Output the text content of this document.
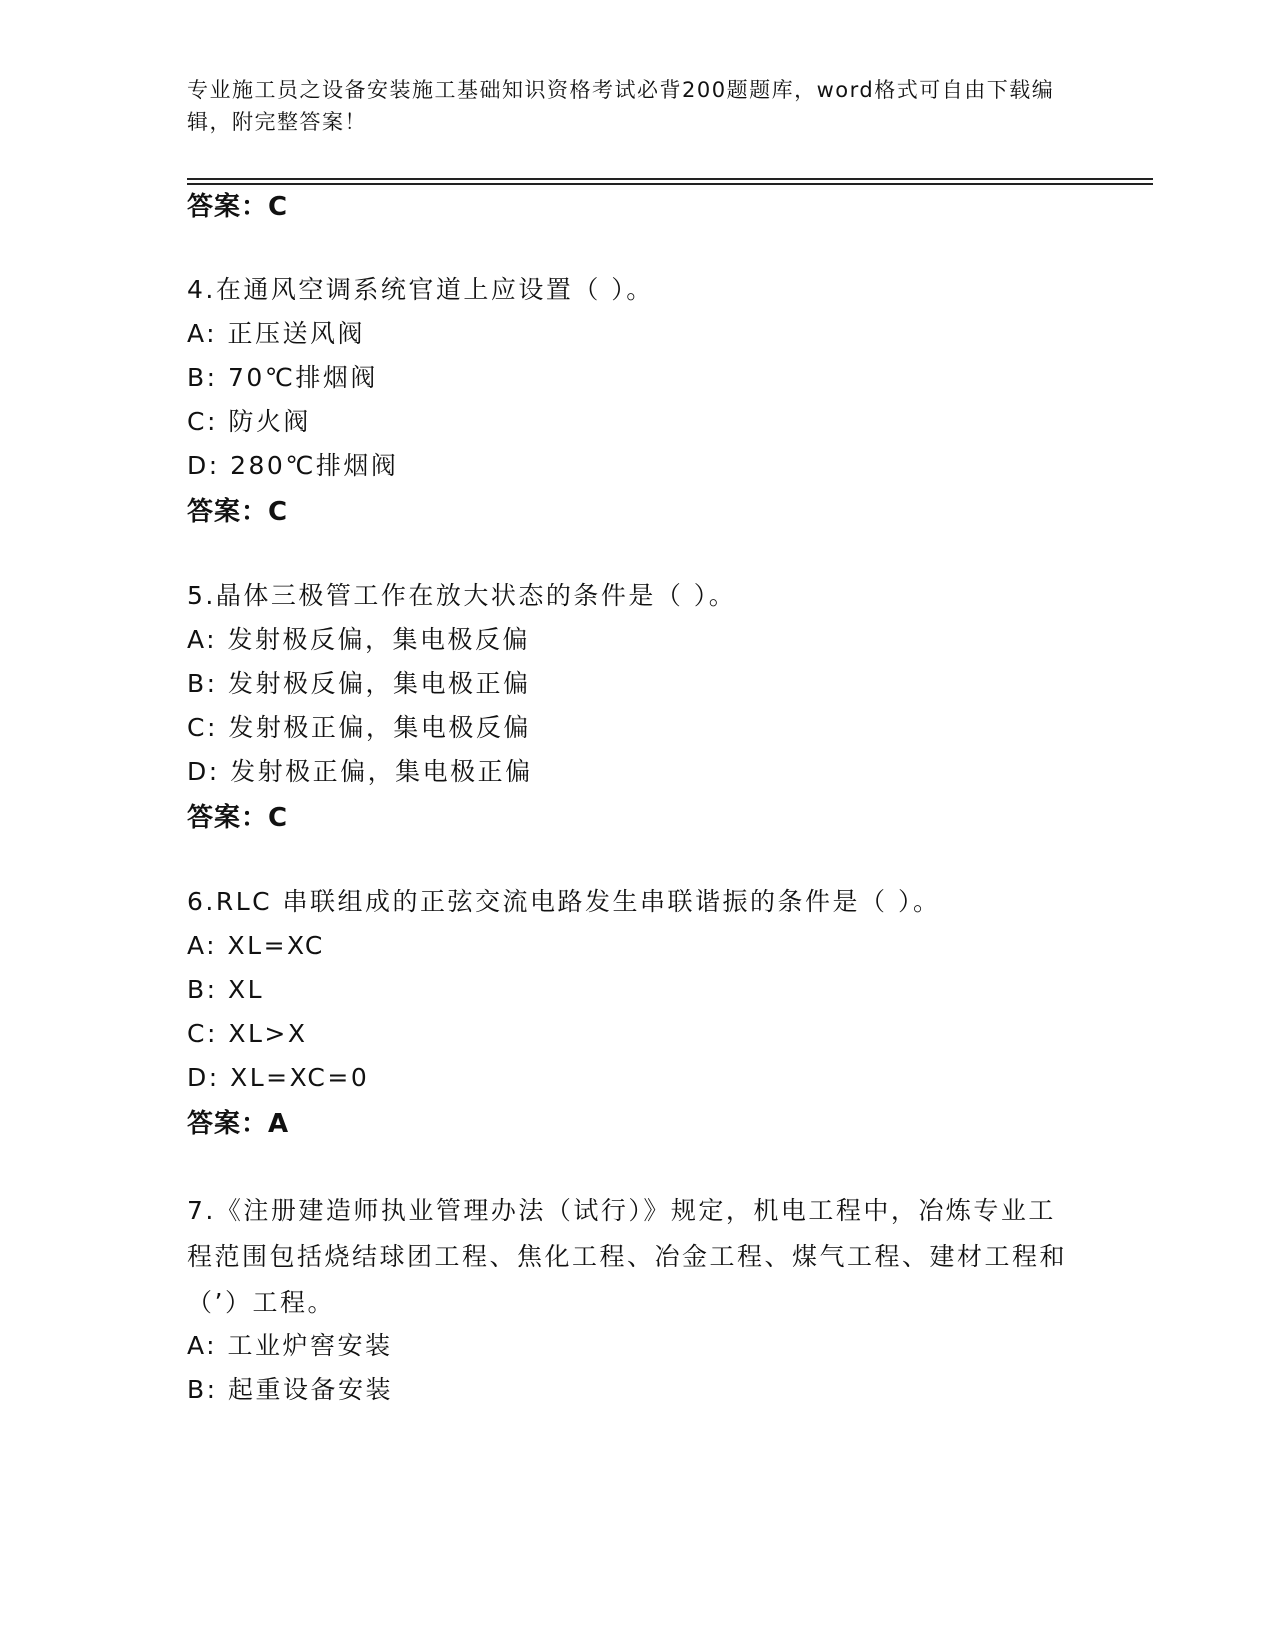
专业施工员之设备安装施工基础知识资格考试必背200题题库，word格式可自由下载编辑，附完整答案！
答案：C
4.在通风空调系统官道上应设置（ ）。
A: 正压送风阀
B: 70℃排烟阀
C: 防火阀
D: 280℃排烟阀
答案：C
5.晶体三极管工作在放大状态的条件是（ ）。
A: 发射极反偏，集电极反偏
B: 发射极反偏，集电极正偏
C: 发射极正偏，集电极反偏
D: 发射极正偏，集电极正偏
答案：C
6.RLC 串联组成的正弦交流电路发生串联谐振的条件是（ ）。
A: XL=XC
B: XL
C: XL>X
D: XL=XC=0
答案：A
7.《注册建造师执业管理办法（试行）》规定，机电工程中，冶炼专业工程范围包括烧结球团工程、焦化工程、冶金工程、煤气工程、建材工程和（’）工程。
A: 工业炉窖安装
B: 起重设备安装
